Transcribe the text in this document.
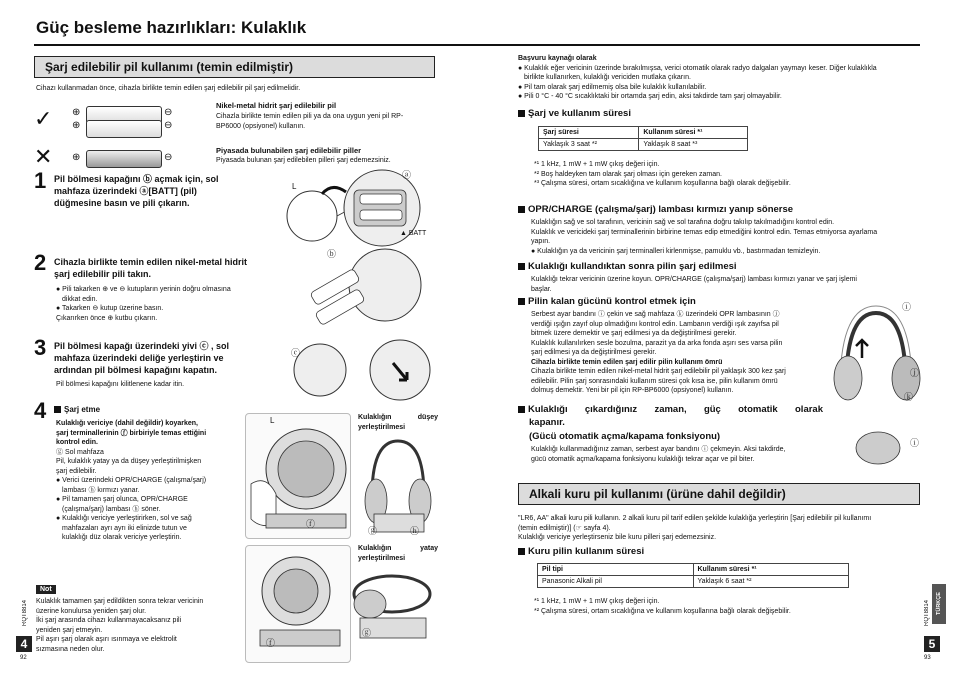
Güç besleme hazırlıkları: Kulaklık
Şarj edilebilir pil kullanımı (temin edilmiştir)
Cihazı kullanmadan önce, cihazla birlikte temin edilen şarj edilebilir pil şarj edilmelidir.
✓ ⊕
⊕
⊖
⊖
✕ ⊕	⊖
Nikel-metal hidrit şarj edilebilir pil
Cihazla birlikte temin edilen pili ya da ona uygun yeni pil RP-
BP6000 (opsiyonel) kullanın.
Piyasada bulunabilen şarj edilebilir piller
Piyasada bulunan şarj edilebilen pilleri şarj edemezsiniz.
1 Pil bölmesi kapağını ⓑ açmak için, sol
mahfaza üzerindeki ⓐ[BATT] (pil)
düğmesine basın ve pili çıkarın.
2 Cihazla birlikte temin edilen nikel-metal hidrit
şarj edilebilir pili takın.
● Pili takarken ⊕ ve ⊖ kutupların yerinin doğru olmasına
dikkat edin.
● Takarken ⊖ kutup üzerine basın.
Çıkarırken önce ⊕ kutbu çıkarın.
3 Pil bölmesi kapağı üzerindeki yivi ⓒ , sol
mahfaza üzerindeki deliğe yerleştirin ve
ardından pil bölmesi kapağını kapatın.
Pil bölmesi kapağını kilitlenene kadar itin.
4	Şarj etme
Kulaklığı vericiye (dahil değildir) koyarken,
şarj terminallerinin ⓕ birbiriyle temas ettiğini
kontrol edin.
ⓖ Sol mahfaza
Pil, kulaklık yatay ya da düşey yerleştirilmişken
şarj edilebilir.
● Verici üzerindeki OPR/CHARGE (çalışma/şarj)
lambası ⓗ kırmızı yanar.
● Pil tamamen şarj olunca, OPR/CHARGE
(çalışma/şarj) lambası ⓗ söner.
● Kulaklığı vericiye yerleştirirken, sol ve sağ
mahfazaları ayrı ayrı iki elinizde tutun ve
kulaklığı düz olarak vericiye yerleştirin.
Not
Kulaklık tamamen şarj edildikten sonra tekrar vericinin
üzerine konulursa yeniden şarj olur.
İki şarj arasında cihazı kullanmayacaksanız pili
yeniden şarj etmeyin.
Pil aşırı şarj olarak aşırı ısınmaya ve elektrolit
sızmasına neden olur.
RQT8814
4
92
L
ⓐ
▲ BATT
ⓑ
ⓒ
L
ⓕ
Kulaklığın düşey
yerleştirilmesi
ⓖ	ⓗ
Kulaklığın yatay
yerleştirilmesi
ⓕ
ⓖ
Başvuru kaynağı olarak
● Kulaklık eğer vericinin üzerinde bırakılmışsa, verici otomatik olarak radyo dalgaları yaymayı keser. Diğer kulaklıkla
birlikte kullanırken, kulaklığı vericiden mutlaka çıkarın.
● Pil tam olarak şarj edilmemiş olsa bile kulaklık kullanılabilir.
● Pili 0 °C - 40 °C sıcaklıktaki bir ortamda şarj edin, aksi takdirde tam şarj olmayabilir.
Şarj ve kullanım süresi
Şarj süresi	Kullanım süresi *¹
Yaklaşık 3 saat *²	Yaklaşık 8 saat *³
*¹ 1 kHz, 1 mW + 1 mW çıkış değeri için.
*² Boş haldeyken tam olarak şarj olması için gereken zaman.
*³ Çalışma süresi, ortam sıcaklığına ve kullanım koşullarına bağlı olarak değişebilir.
OPR/CHARGE (çalışma/şarj) lambası kırmızı yanıp sönerse
Kulaklığın sağ ve sol tarafının, vericinin sağ ve sol tarafına doğru takılıp takılmadığını kontrol edin.
Kulaklık ve vericideki şarj terminallerinin birbirine temas edip etmediğini kontrol edin. Temas etmiyorsa ayarlama
yapın.
● Kulaklığın ya da vericinin şarj terminalleri kirlenmişse, pamuklu vb., bastırmadan temizleyin.
Kulaklığı kullandıktan sonra pilin şarj edilmesi
Kulaklığı tekrar vericinin üzerine koyun. OPR/CHARGE (çalışma/şarj) lambası kırmızı yanar ve şarj işlemi
başlar.
Pilin kalan gücünü kontrol etmek için
Serbest ayar bandını ⓘ çekin ve sağ mahfaza ⓚ üzerindeki OPR lambasının ⓙ
verdiği ışığın zayıf olup olmadığını kontrol edin. Lambanın verdiği ışık zayıfsa pil
bitmek üzere demektir ve şarj edilmesi ya da değiştirilmesi gerekir.
Kulaklık kullanılırken sesle bozulma, parazit ya da arka fonda aşırı ses varsa pilin
şarj edilmesi ya da değiştirilmesi gerekir.
Cihazla birlikte temin edilen şarj edilir pilin kullanım ömrü
Cihazla birlikte temin edilen nikel-metal hidrit şarj edilebilir pil yaklaşık 300 kez şarj
edilebilir. Pilin şarj sonrasındaki kullanım süresi çok kısa ise, pilin kullanım ömrü
dolmuş demektir. Yeni bir pil için RP-BP6000 (opsiyonel) kullanın.
ⓘ
ⓙ
ⓚ
ⓘ
Kulaklığı çıkardığınız zaman, güç otomatik olarak
kapanır.
(Gücü otomatik açma/kapama fonksiyonu)
Kulaklığı kullanmadığınız zaman, serbest ayar bandını ⓘ çekmeyin. Aksi takdirde,
gücü otomatik açma/kapama fonksiyonu kulaklığı tekrar açar ve pil biter.
Alkali kuru pil kullanımı (ürüne dahil değildir)
"LR6, AA" alkali kuru pili kullanın. 2 alkali kuru pil tarif edilen şekilde kulaklığa yerleştirin [Şarj edilebilir pil kullanımı
(temin edilmiştir)] (☞ sayfa 4).
Kulaklığı vericiye yerleştirseniz bile kuru pilleri şarj edemezsiniz.
Kuru pilin kullanım süresi
Pil tipi	Kullanım süresi *¹
Panasonic Alkali pil	Yaklaşık 6 saat *²
*¹ 1 kHz, 1 mW + 1 mW çıkış değeri için.
*² Çalışma süresi, ortam sıcaklığına ve kullanım koşullarına bağlı olarak değişebilir.	TÜRKÇE
RQT8814
5
93
